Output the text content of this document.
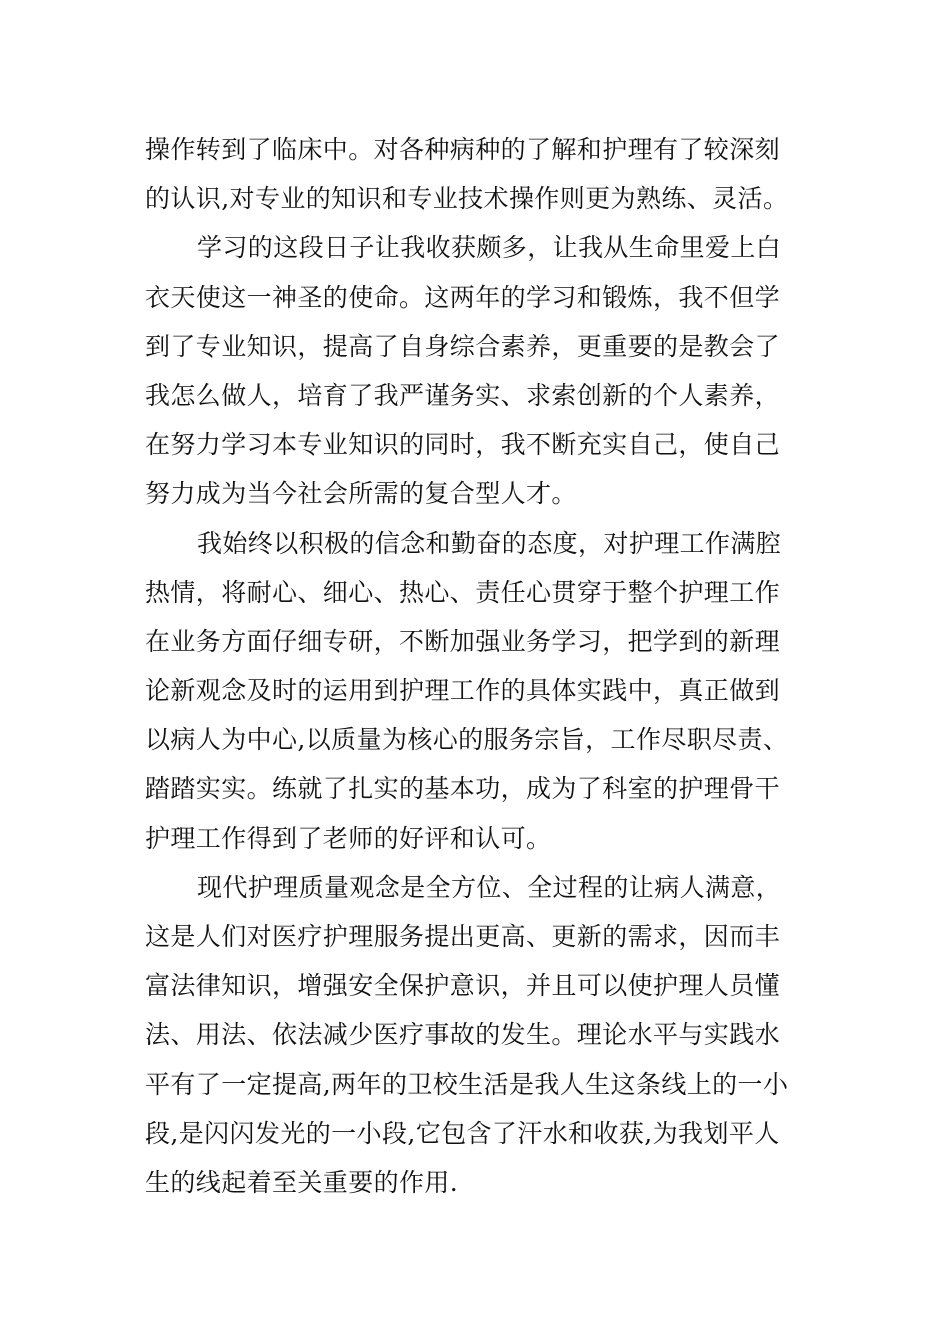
操作转到了临床中。对各种病种的了解和护理有了较深刻
的认识,对专业的知识和专业技术操作则更为熟练、灵活。
学习的这段日子让我收获颇多，让我从生命里爱上白
衣天使这一神圣的使命。这两年的学习和锻炼，我不但学
到了专业知识，提高了自身综合素养，更重要的是教会了
我怎么做人，培育了我严谨务实、求索创新的个人素养，
在努力学习本专业知识的同时，我不断充实自己，使自己
努力成为当今社会所需的复合型人才。
我始终以积极的信念和勤奋的态度，对护理工作满腔
热情，将耐心、细心、热心、责任心贯穿于整个护理工作
在业务方面仔细专研，不断加强业务学习，把学到的新理
论新观念及时的运用到护理工作的具体实践中，真正做到
以病人为中心,以质量为核心的服务宗旨，工作尽职尽责、
踏踏实实。练就了扎实的基本功，成为了科室的护理骨干
护理工作得到了老师的好评和认可。
现代护理质量观念是全方位、全过程的让病人满意，
这是人们对医疗护理服务提出更高、更新的需求，因而丰
富法律知识，增强安全保护意识，并且可以使护理人员懂
法、用法、依法减少医疗事故的发生。理论水平与实践水
平有了一定提高,两年的卫校生活是我人生这条线上的一小
段,是闪闪发光的一小段,它包含了汗水和收获,为我划平人
生的线起着至关重要的作用.
